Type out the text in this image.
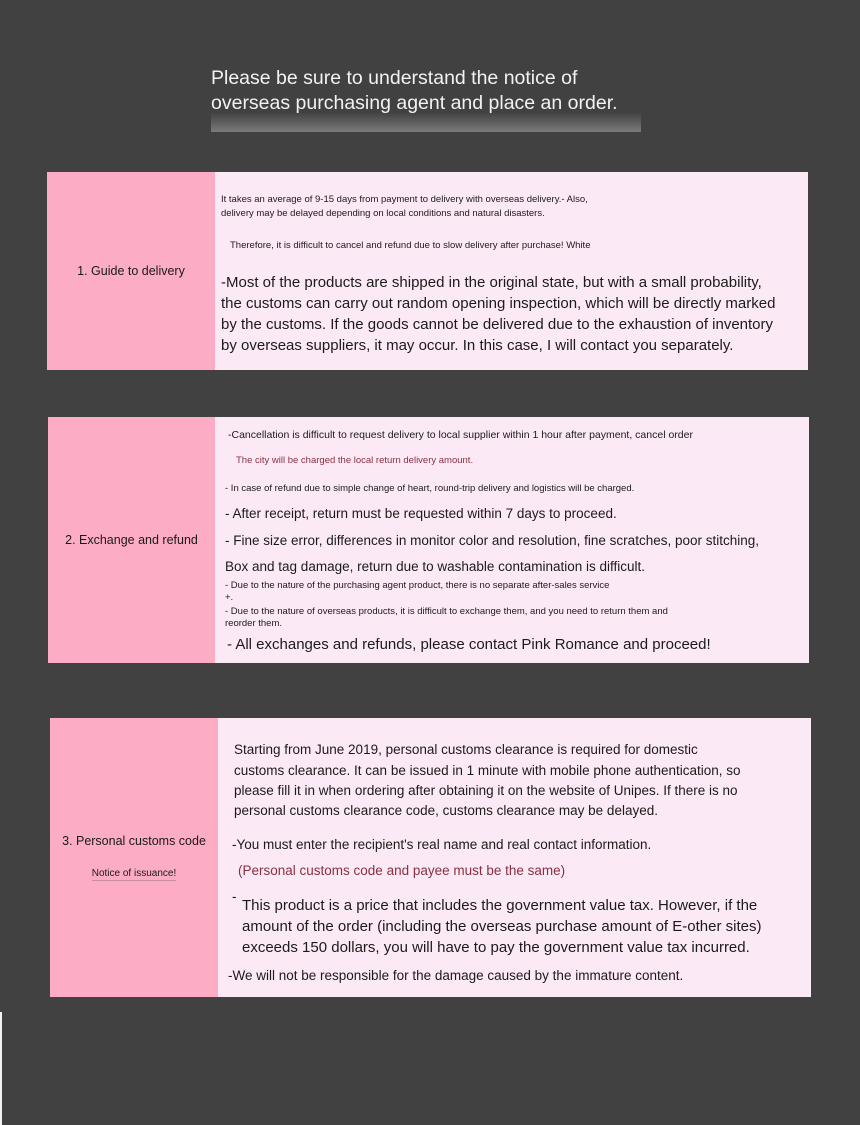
Please be sure to understand the notice of
overseas purchasing agent and place an order.
1. Guide to delivery
It takes an average of 9-15 days from payment to delivery with overseas delivery.- Also,
delivery may be delayed depending on local conditions and natural disasters.
Therefore, it is difficult to cancel and refund due to slow delivery after purchase! White
-Most of the products are shipped in the original state, but with a small probability,
the customs can carry out random opening inspection, which will be directly marked
by the customs. If the goods cannot be delivered due to the exhaustion of inventory
by overseas suppliers, it may occur. In this case, I will contact you separately.
2. Exchange and refund
-Cancellation is difficult to request delivery to local supplier within 1 hour after payment, cancel order
The city will be charged the local return delivery amount.
- In case of refund due to simple change of heart, round-trip delivery and logistics will be charged.
- After receipt, return must be requested within 7 days to proceed.
- Fine size error, differences in monitor color and resolution, fine scratches, poor stitching,
Box and tag damage, return due to washable contamination is difficult.
- Due to the nature of the purchasing agent product, there is no separate after-sales service
+.
- Due to the nature of overseas products, it is difficult to exchange them, and you need to return them and
reorder them.
- All exchanges and refunds, please contact Pink Romance and proceed!
3. Personal customs code
Notice of issuance!
Starting from June 2019, personal customs clearance is required for domestic
customs clearance. It can be issued in 1 minute with mobile phone authentication, so
please fill it in when ordering after obtaining it on the website of Unipes. If there is no
personal customs clearance code, customs clearance may be delayed.
-You must enter the recipient's real name and real contact information.
(Personal customs code and payee must be the same)
-
This product is a price that includes the government value tax. However, if the
amount of the order (including the overseas purchase amount of E-other sites)
exceeds 150 dollars, you will have to pay the government value tax incurred.
-We will not be responsible for the damage caused by the immature content.
